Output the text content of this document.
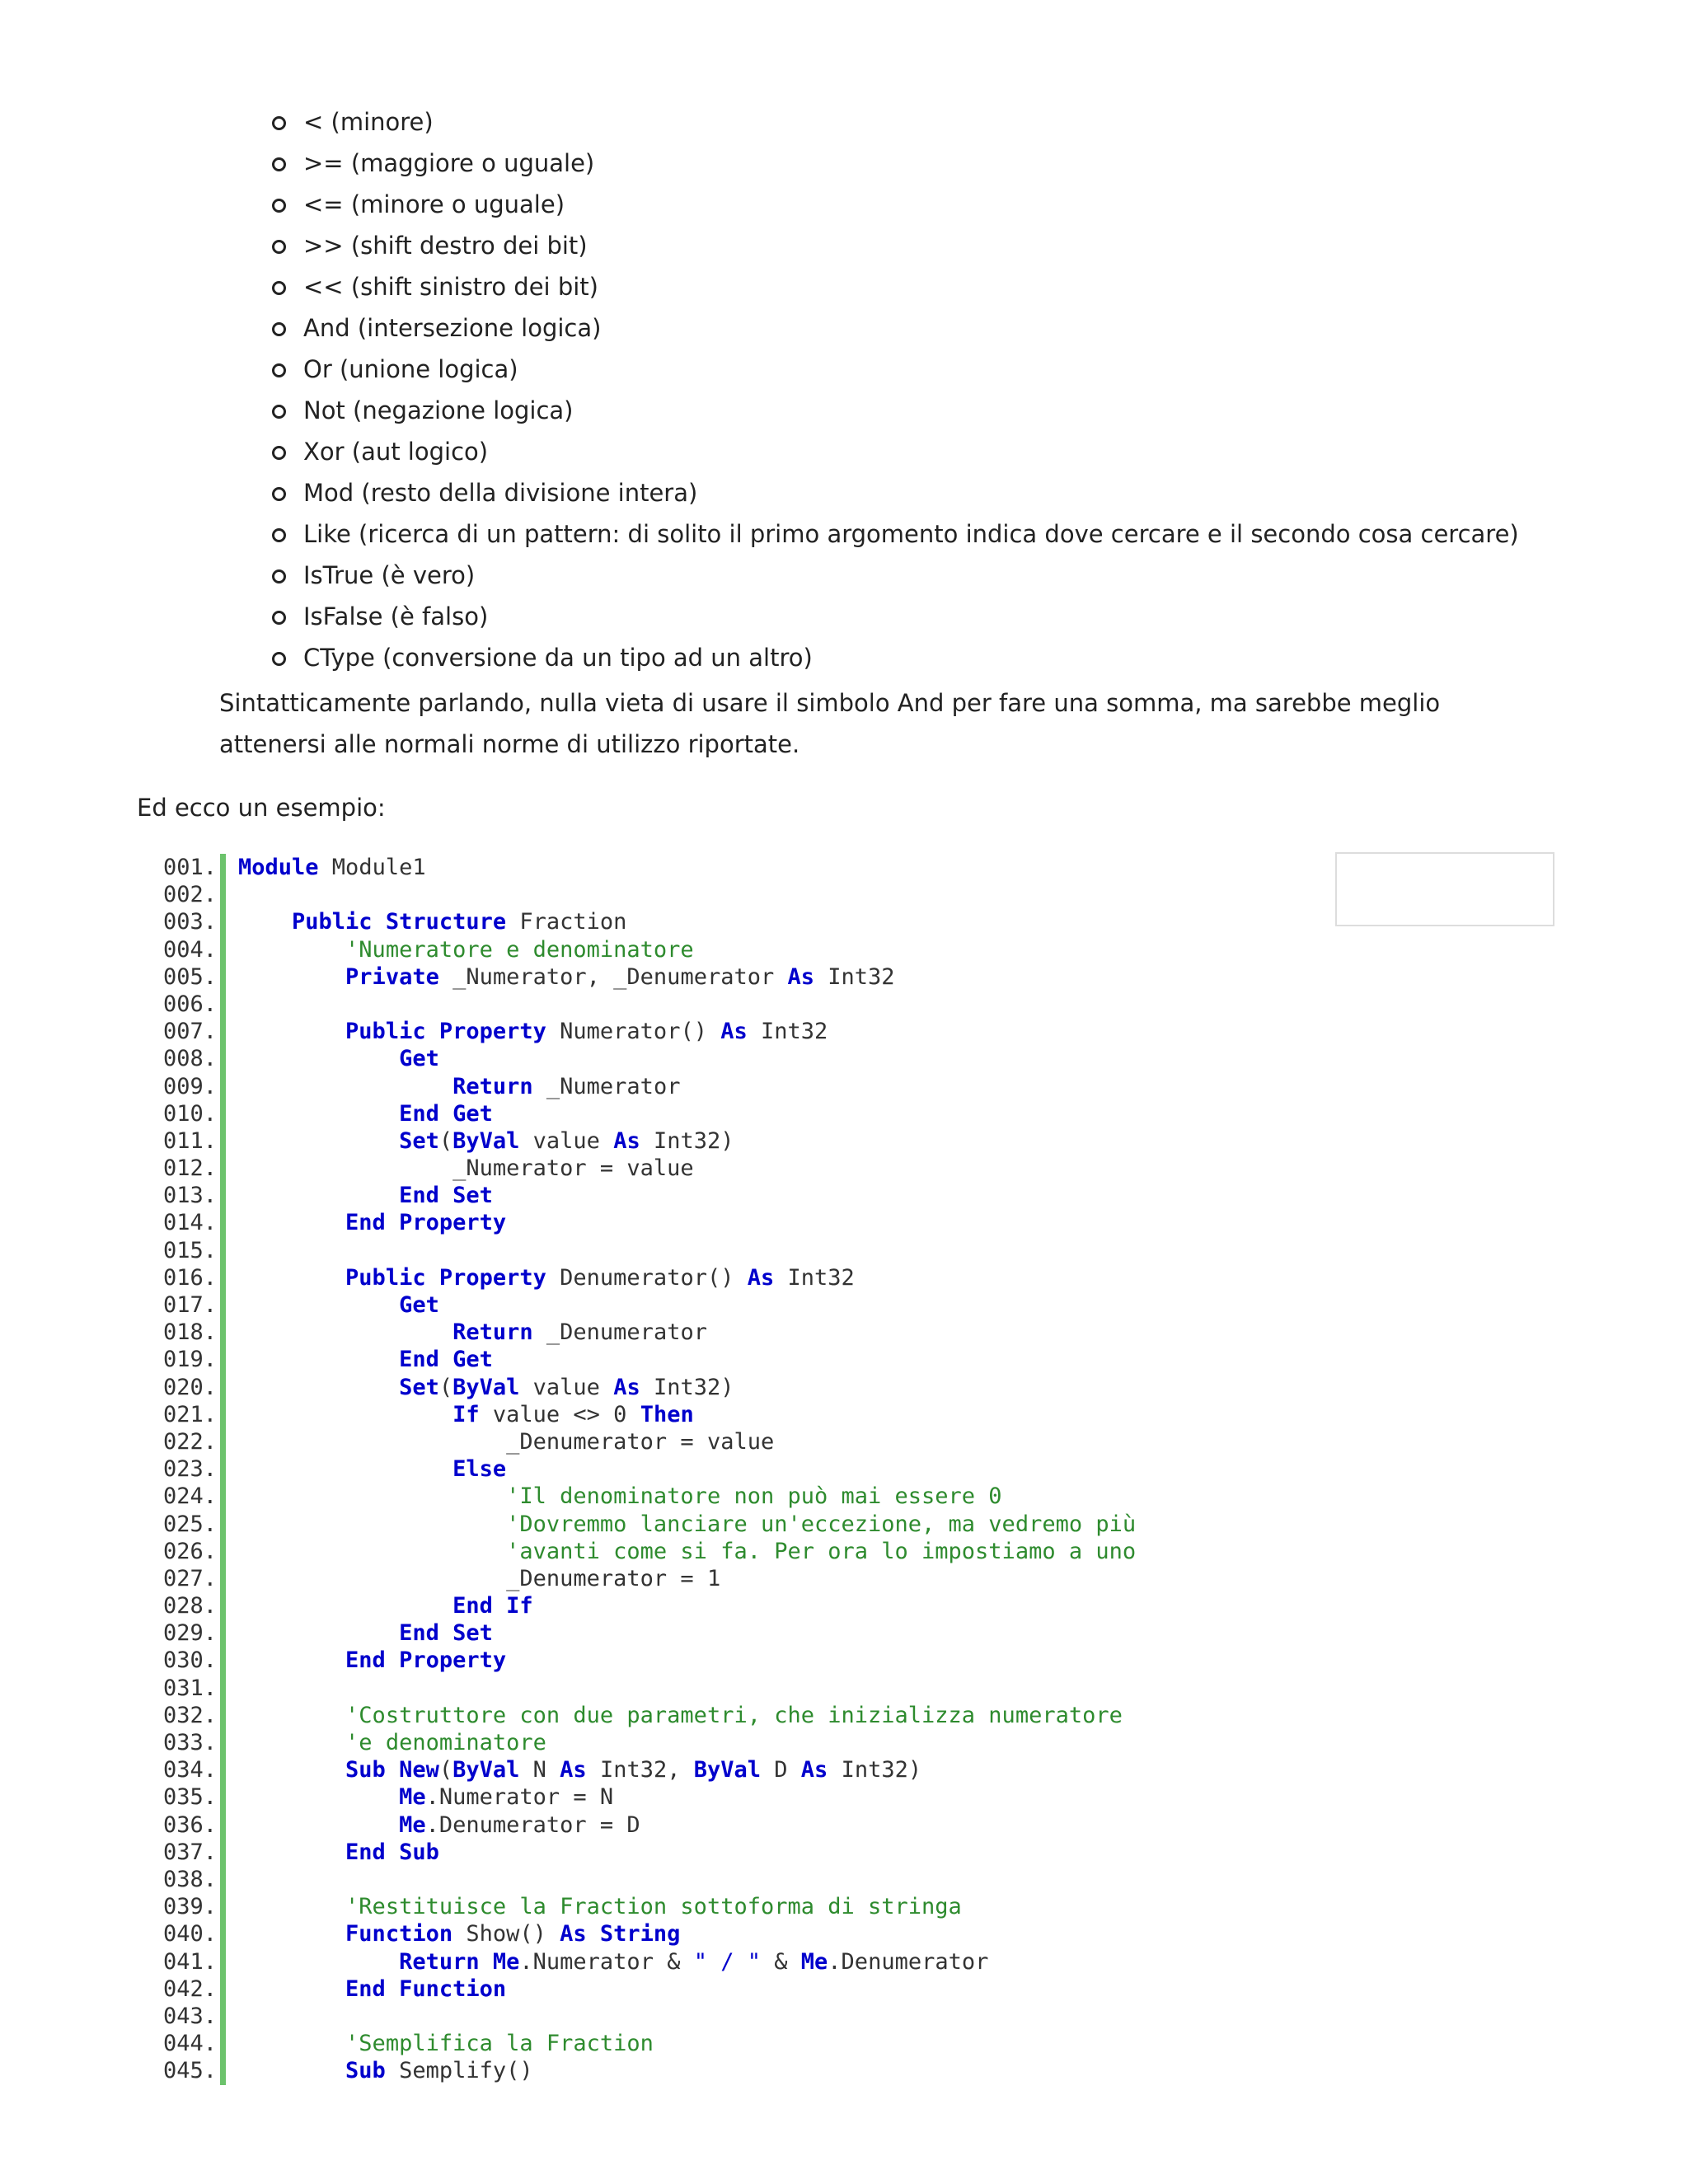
< (minore)
>= (maggiore o uguale)
<= (minore o uguale)
>> (shift destro dei bit)
<< (shift sinistro dei bit)
And (intersezione logica)
Or (unione logica)
Not (negazione logica)
Xor (aut logico)
Mod (resto della divisione intera)
Like (ricerca di un pattern: di solito il primo argomento indica dove cercare e il secondo cosa cercare)
IsTrue (è vero)
IsFalse (è falso)
CType (conversione da un tipo ad un altro)

Sintatticamente parlando, nulla vieta di usare il simbolo And per fare una somma, ma sarebbe meglio attenersi alle normali norme di utilizzo riportate.

Ed ecco un esempio:

001.
002.
003.
004.
005.
006.
007.
008.
009.
010.
011.
012.
013.
014.
015.
016.
017.
018.
019.
020.
021.
022.
023.
024.
025.
026.
027.
028.
029.
030.
031.
032.
033.
034.
035.
036.
037.
038.
039.
040.
041.
042.
043.
044.
045.
Module Module1
Public Structure Fraction
'Numeratore e denominatore
Private _Numerator, _Denumerator As Int32
Public Property Numerator() As Int32
Get
Return _Numerator
End Get
Set(ByVal value As Int32)
_Numerator = value
End Set
End Property
Public Property Denumerator() As Int32
Get
Return _Denumerator
End Get
Set(ByVal value As Int32)
If value <> 0 Then
_Denumerator = value
Else
'Il denominatore non può mai essere 0
'Dovremmo lanciare un'eccezione, ma vedremo più
'avanti come si fa. Per ora lo impostiamo a uno
_Denumerator = 1
End If
End Set
End Property
'Costruttore con due parametri, che inizializza numeratore
'e denominatore
Sub New(ByVal N As Int32, ByVal D As Int32)
Me.Numerator = N
Me.Denumerator = D
End Sub
'Restituisce la Fraction sottoforma di stringa
Function Show() As String
Return Me.Numerator & " / " & Me.Denumerator
End Function
'Semplifica la Fraction
Sub Semplify()
